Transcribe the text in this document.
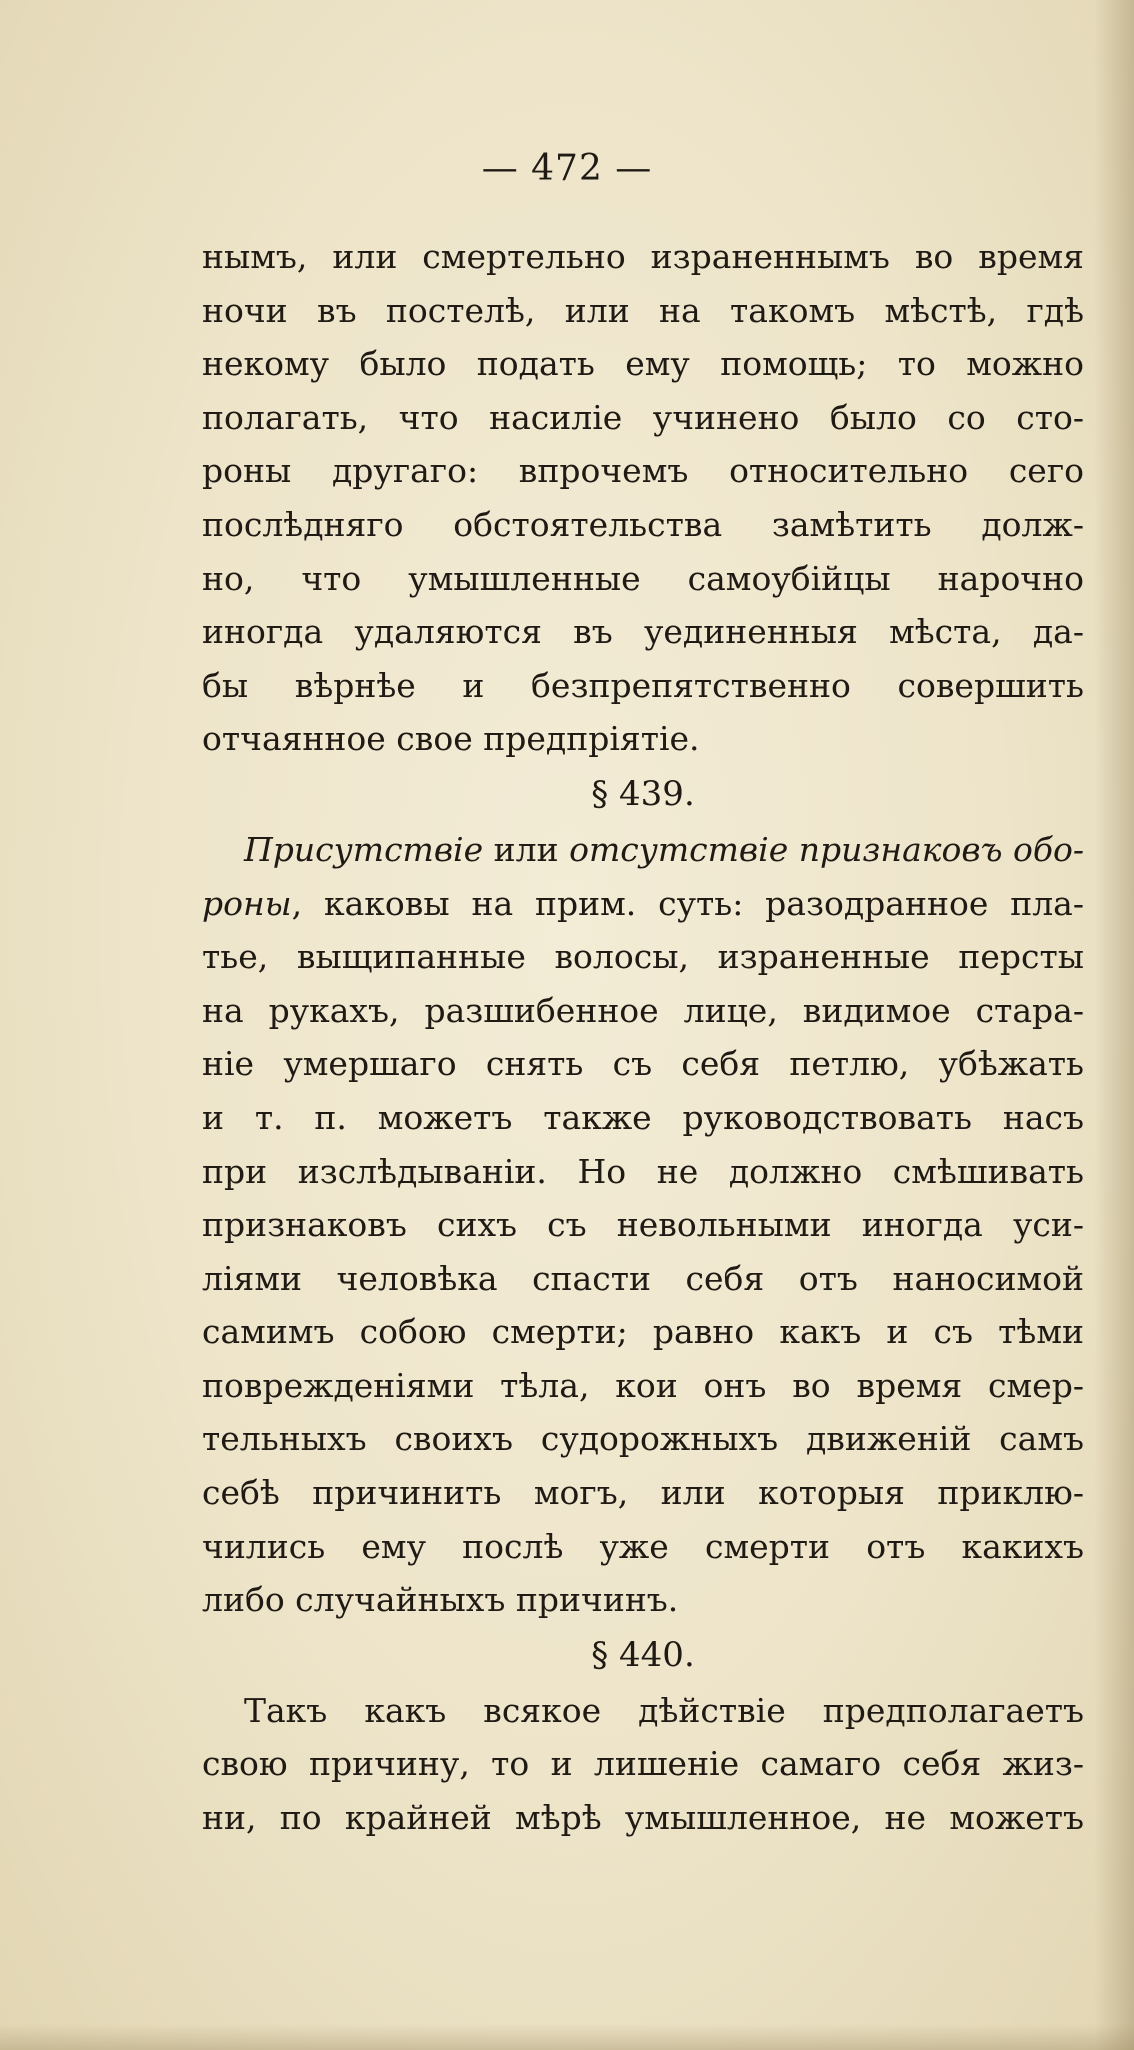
— 472 —
нымъ, или смертельно израненнымъ во время
ночи въ постелѣ, или на такомъ мѣстѣ, гдѣ
некому было подать ему помощь; то можно
полагать, что насиліе учинено было со сто-
роны другаго: впрочемъ относительно сего
послѣдняго обстоятельства замѣтить долж-
но, что умышленные самоубійцы нарочно
иногда удаляются въ уединенныя мѣста, да-
бы вѣрнѣе и безпрепятственно совершить
отчаянное свое предпріятіе.
§ 439.
Присутствіе или отсутствіе признаковъ обо-
роны, каковы на прим. суть: разодранное пла-
тье, выщипанные волосы, израненные персты
на рукахъ, разшибенное лице, видимое стара-
ніе умершаго снять съ себя петлю, убѣжать
и т. п. можетъ также руководствовать насъ
при изслѣдываніи. Но не должно смѣшивать
признаковъ сихъ съ невольными иногда уси-
ліями человѣка спасти себя отъ наносимой
самимъ собою смерти; равно какъ и съ тѣми
поврежденіями тѣла, кои онъ во время смер-
тельныхъ своихъ судорожныхъ движеній самъ
себѣ причинить могъ, или которыя приклю-
чились ему послѣ уже смерти отъ какихъ
либо случайныхъ причинъ.
§ 440.
Такъ какъ всякое дѣйствіе предполагаетъ
свою причину, то и лишеніе самаго себя жиз-
ни, по крайней мѣрѣ умышленное, не можетъ
